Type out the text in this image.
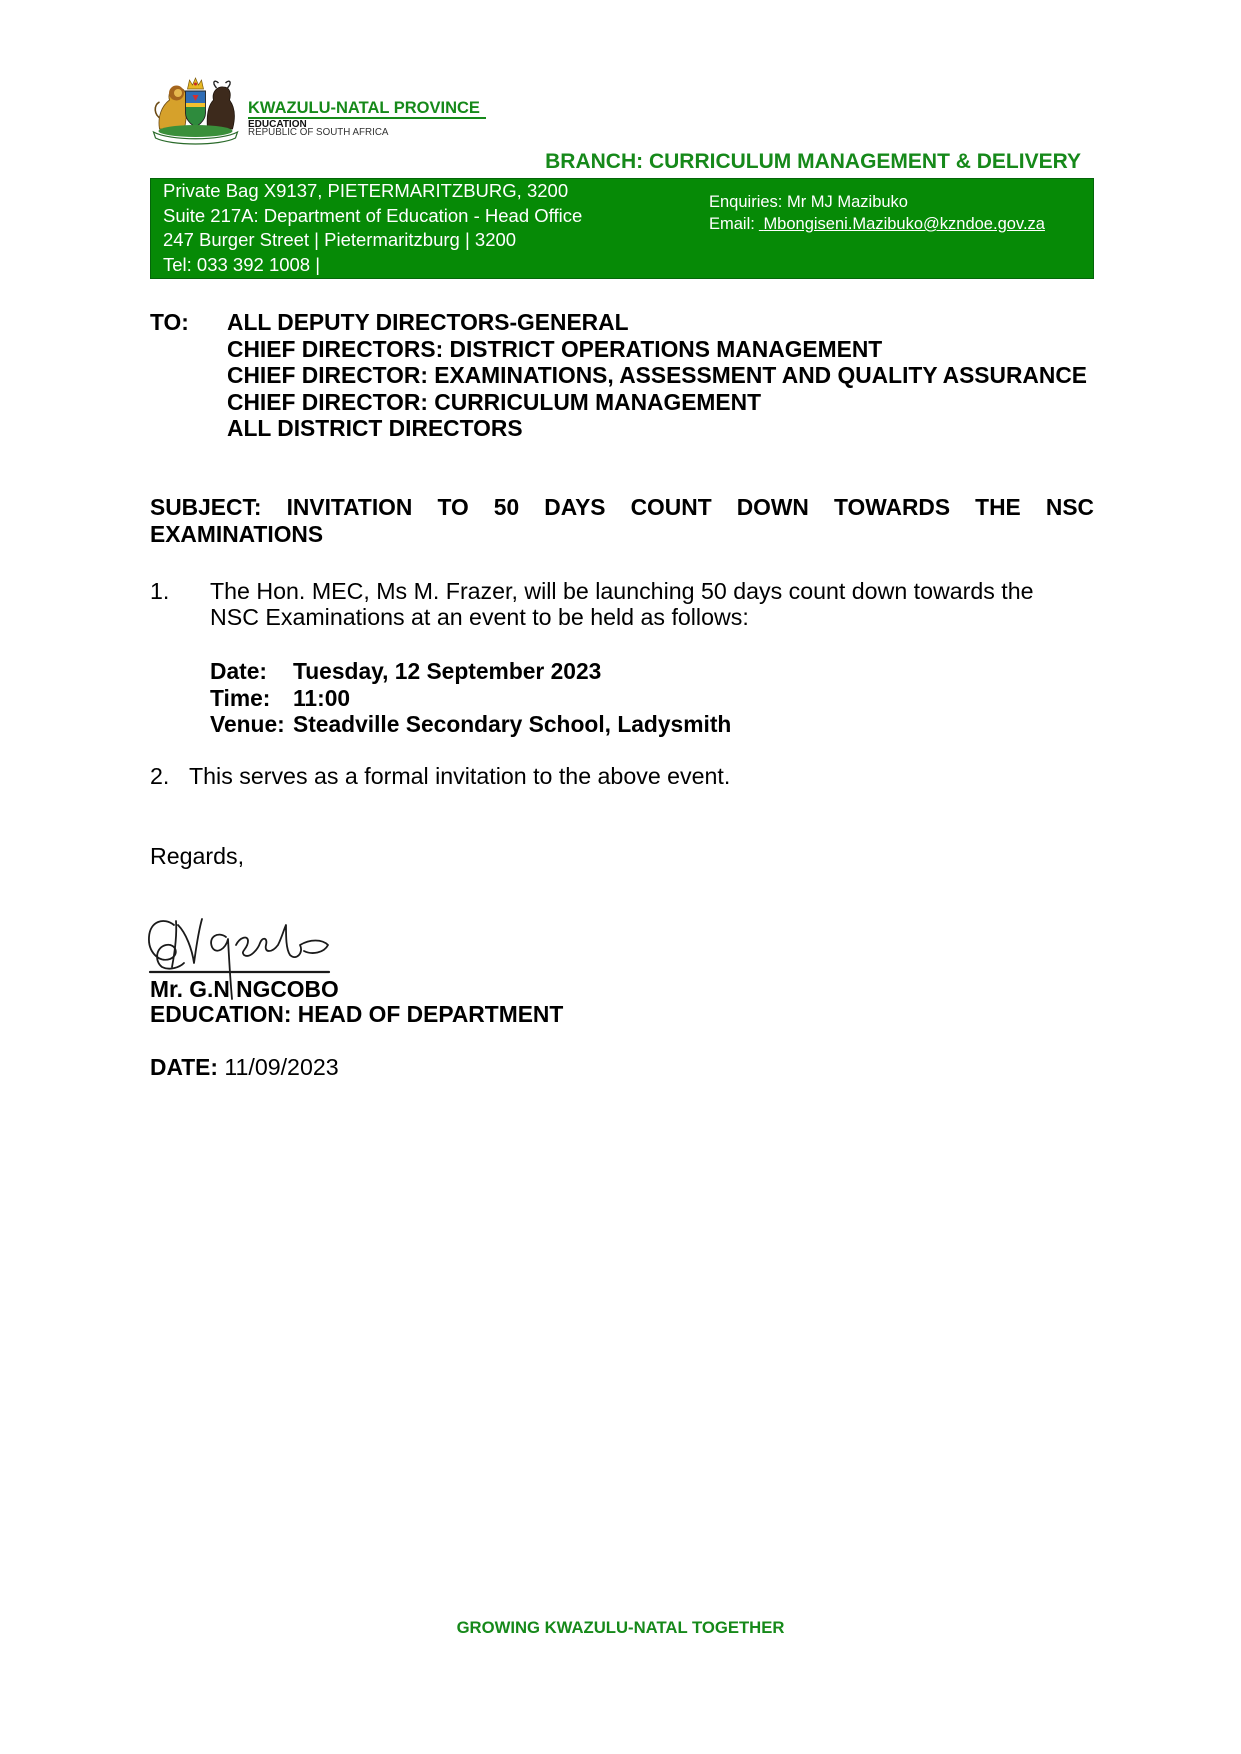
KWAZULU-NATAL PROVINCE
EDUCATION
REPUBLIC OF SOUTH AFRICA
BRANCH: CURRICULUM MANAGEMENT & DELIVERY
Private Bag X9137, PIETERMARITZBURG, 3200
Suite 217A: Department of Education - Head Office
247 Burger Street | Pietermaritzburg | 3200
Tel: 033 392 1008 |
Enquiries: Mr MJ Mazibuko
Email: Mbongiseni.Mazibuko@kzndoe.gov.za
TO: ALL DEPUTY DIRECTORS-GENERAL
CHIEF DIRECTORS: DISTRICT OPERATIONS MANAGEMENT
CHIEF DIRECTOR: EXAMINATIONS, ASSESSMENT AND QUALITY ASSURANCE
CHIEF DIRECTOR: CURRICULUM MANAGEMENT
ALL DISTRICT DIRECTORS
SUBJECT: INVITATION TO 50 DAYS COUNT DOWN TOWARDS THE NSC EXAMINATIONS
1. The Hon. MEC, Ms M. Frazer, will be launching 50 days count down towards the NSC Examinations at an event to be held as follows:
Date: Tuesday, 12 September 2023
Time: 11:00
Venue: Steadville Secondary School, Ladysmith
2. This serves as a formal invitation to the above event.
Regards,
Mr. G.N NGCOBO
EDUCATION: HEAD OF DEPARTMENT
DATE: 11/09/2023
GROWING KWAZULU-NATAL TOGETHER
